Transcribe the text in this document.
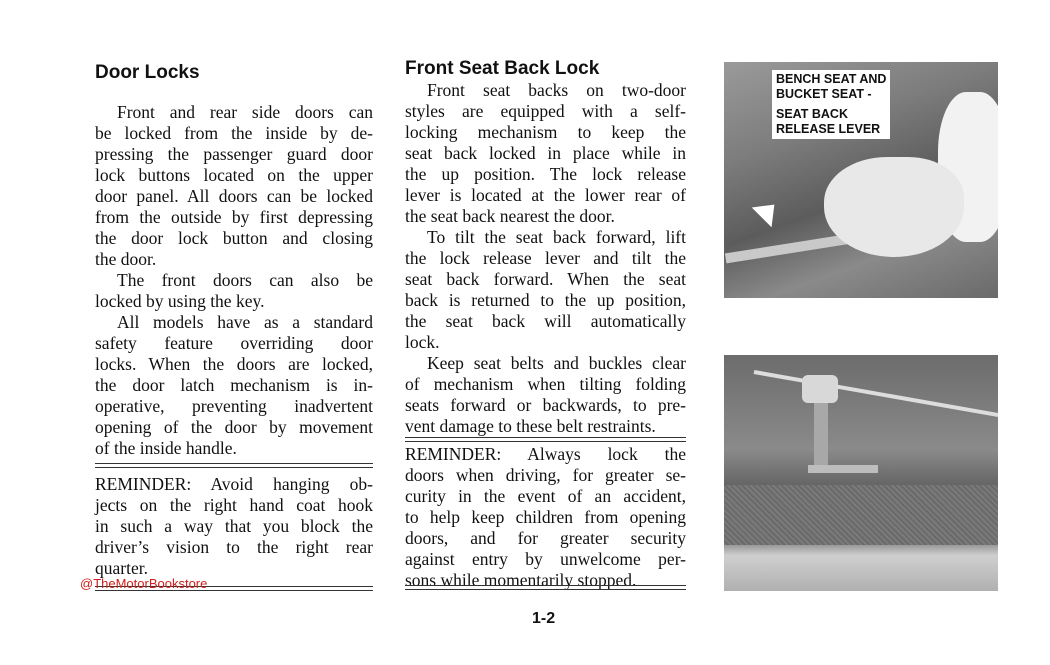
Door Locks
Front and rear side doors can
be locked from the inside by de-
pressing the passenger guard door
lock buttons located on the upper
door panel. All doors can be locked
from the outside by first depressing
the door lock button and closing
the door.
The front doors can also be
locked by using the key.
All models have as a standard
safety feature overriding door
locks. When the doors are locked,
the door latch mechanism is in-
operative, preventing inadvertent
opening of the door by movement
of the inside handle.
REMINDER: Avoid hanging ob-
jects on the right hand coat hook
in such a way that you block the
driver’s vision to the right rear
quarter.
Front Seat Back Lock
Front seat backs on two-door
styles are equipped with a self-
locking mechanism to keep the
seat back locked in place while in
the up position. The lock release
lever is located at the lower rear of
the seat back nearest the door.
To tilt the seat back forward, lift
the lock release lever and tilt the
seat back forward. When the seat
back is returned to the up position,
the seat back will automatically
lock.
Keep seat belts and buckles clear
of mechanism when tilting folding
seats forward or backwards, to pre-
vent damage to these belt restraints.
REMINDER: Always lock the
doors when driving, for greater se-
curity in the event of an accident,
to help keep children from opening
doors, and for greater security
against entry by unwelcome per-
sons while momentarily stopped.
BENCH SEAT AND
BUCKET SEAT -
SEAT BACK
RELEASE LEVER
@TheMotorBookstore
1-2
